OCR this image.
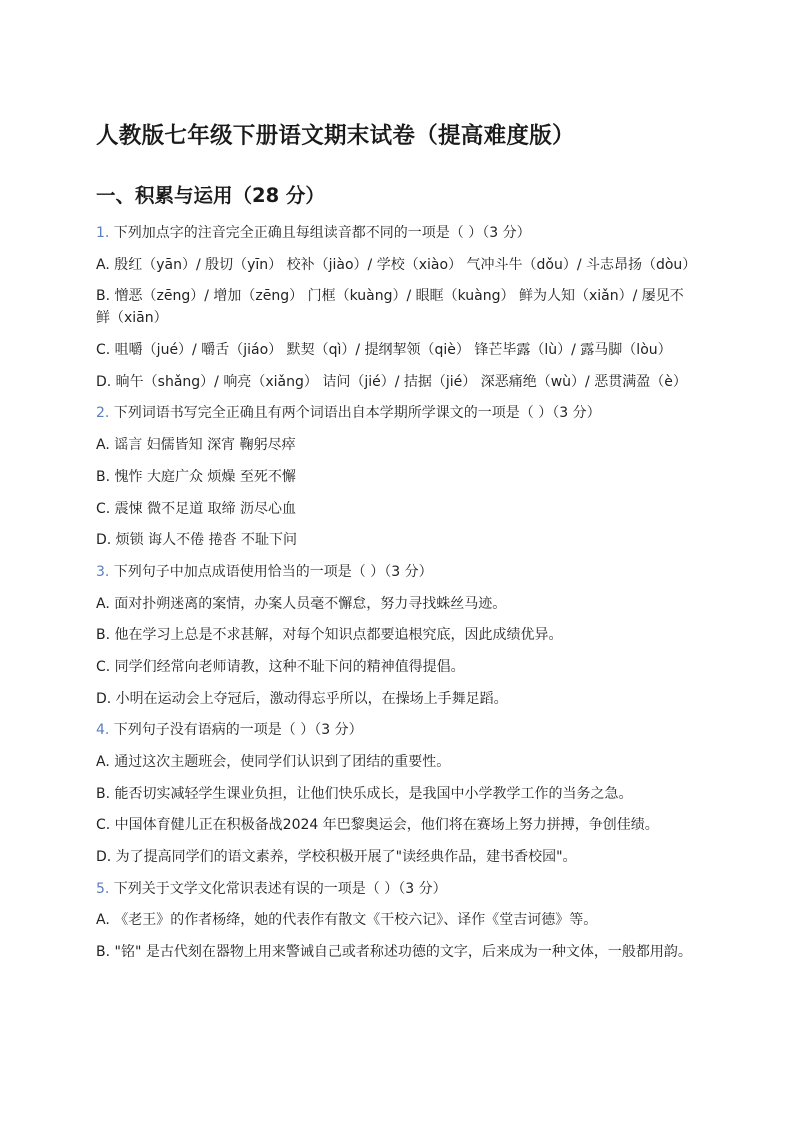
人教版七年级下册语文期末试卷（提高难度版）
一、积累与运用（28 分）
1. 下列加点字的注音完全正确且每组读音都不同的一项是（ ）（3 分）
A. 殷红（yān）/ 殷切（yīn） 校补（jiào）/ 学校（xiào） 气冲斗牛（dǒu）/ 斗志昂扬（dòu）
B. 憎恶（zēng）/ 增加（zēng） 门框（kuàng）/ 眼眶（kuàng） 鲜为人知（xiǎn）/ 屡见不鲜（xiān）
C. 咀嚼（jué）/ 嚼舌（jiáo） 默契（qì）/ 提纲挈领（qiè） 锋芒毕露（lù）/ 露马脚（lòu）
D. 晌午（shǎng）/ 响亮（xiǎng） 诘问（jié）/ 拮据（jié） 深恶痛绝（wù）/ 恶贯满盈（è）
2. 下列词语书写完全正确且有两个词语出自本学期所学课文的一项是（ ）（3 分）
A. 谣言 妇儒皆知 深宵 鞠躬尽瘁
B. 愧怍 大庭广众 烦燥 至死不懈
C. 震悚 微不足道 取缔 沥尽心血
D. 烦锁 诲人不倦 捲沓 不耻下问
3. 下列句子中加点成语使用恰当的一项是（ ）（3 分）
A. 面对扑朔迷离的案情，办案人员毫不懈怠，努力寻找蛛丝马迹。
B. 他在学习上总是不求甚解，对每个知识点都要追根究底，因此成绩优异。
C. 同学们经常向老师请教，这种不耻下问的精神值得提倡。
D. 小明在运动会上夺冠后，激动得忘乎所以，在操场上手舞足蹈。
4. 下列句子没有语病的一项是（ ）（3 分）
A. 通过这次主题班会，使同学们认识到了团结的重要性。
B. 能否切实减轻学生课业负担，让他们快乐成长，是我国中小学教学工作的当务之急。
C. 中国体育健儿正在积极备战2024 年巴黎奥运会，他们将在赛场上努力拼搏，争创佳绩。
D. 为了提高同学们的语文素养，学校积极开展了"读经典作品，建书香校园"。
5. 下列关于文学文化常识表述有误的一项是（ ）（3 分）
A. 《老王》的作者杨绛，她的代表作有散文《干校六记》、译作《堂吉诃德》等。
B. "铭" 是古代刻在器物上用来警诫自己或者称述功德的文字，后来成为一种文体，一般都用韵。
